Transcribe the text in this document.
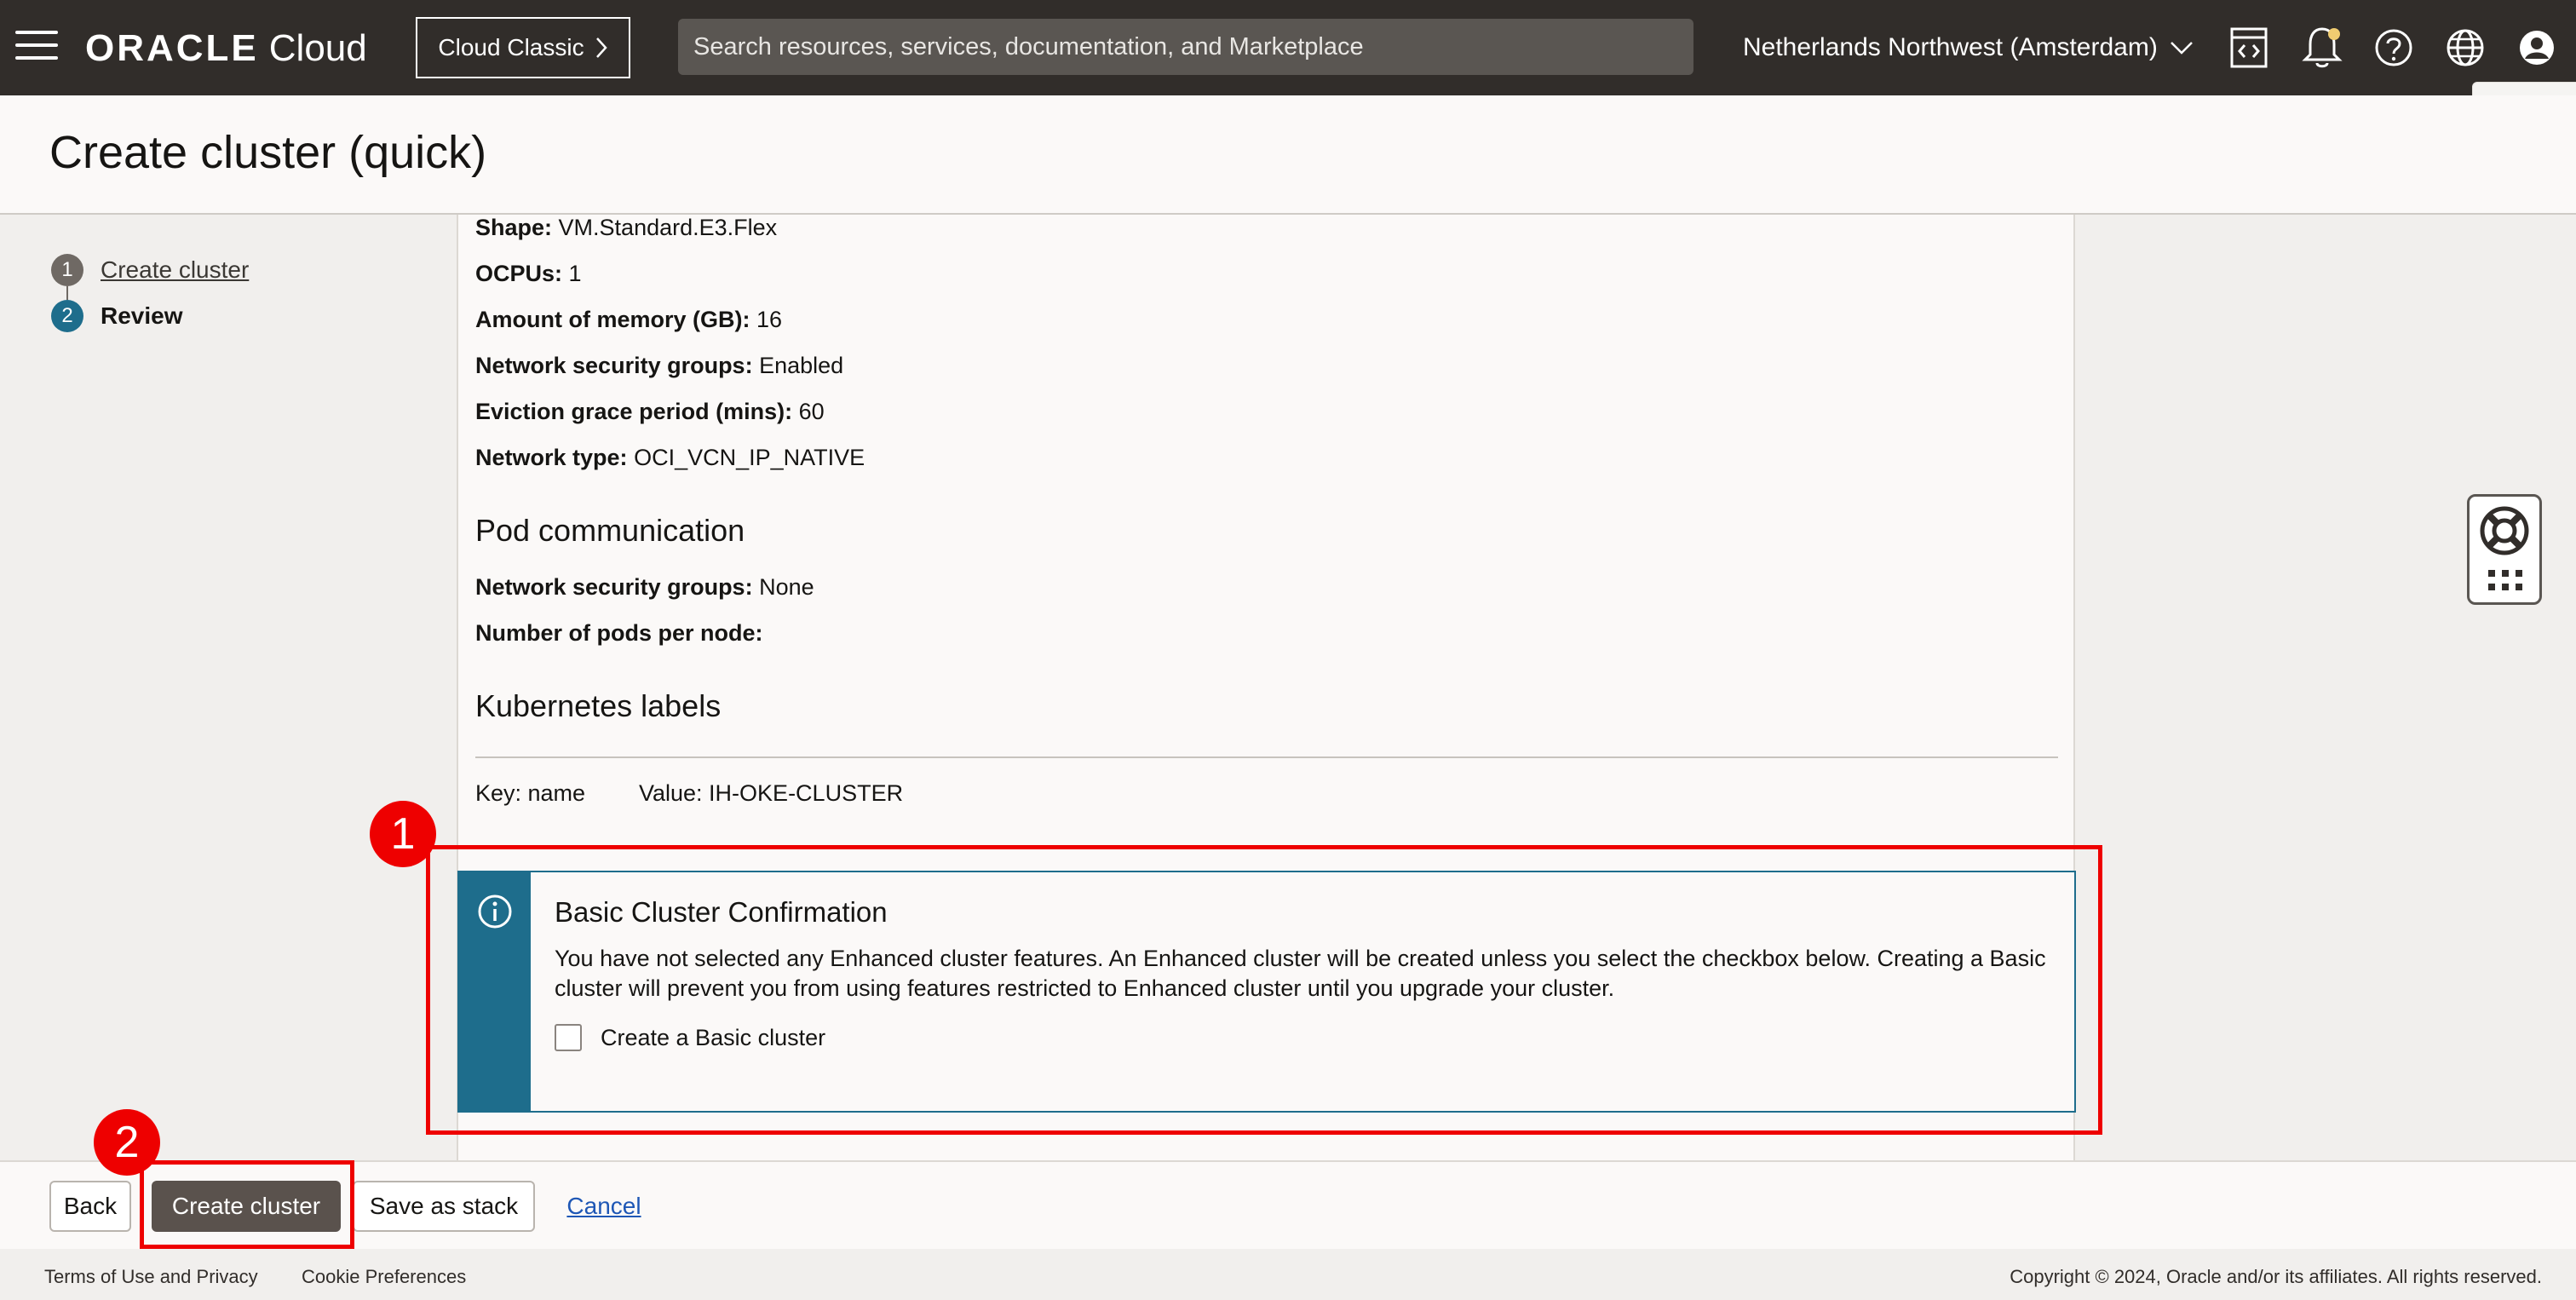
ORACLE Cloud	Cloud Classic
Search resources, services, documentation, and Marketplace	Netherlands Northwest (Amsterdam)
Create cluster (quick)
1	Create cluster
2	Review
Shape: VM.Standard.E3.Flex
OCPUs: 1
Amount of memory (GB): 16
Network security groups: Enabled
Eviction grace period (mins): 60
Network type: OCI_VCN_IP_NATIVE
Pod communication
Network security groups: None
Number of pods per node:
Kubernetes labels
Key: name Value: IH-OKE-CLUSTER
Basic Cluster Confirmation
You have not selected any Enhanced cluster features. An Enhanced cluster will be created unless you select the checkbox below. Creating a Basic cluster will prevent you from using features restricted to Enhanced cluster until you upgrade your cluster.
Create a Basic cluster
1
Back	Create cluster	Save as stack	Cancel
2
Terms of Use and Privacy Cookie Preferences	Copyright © 2024, Oracle and/or its affiliates. All rights reserved.
